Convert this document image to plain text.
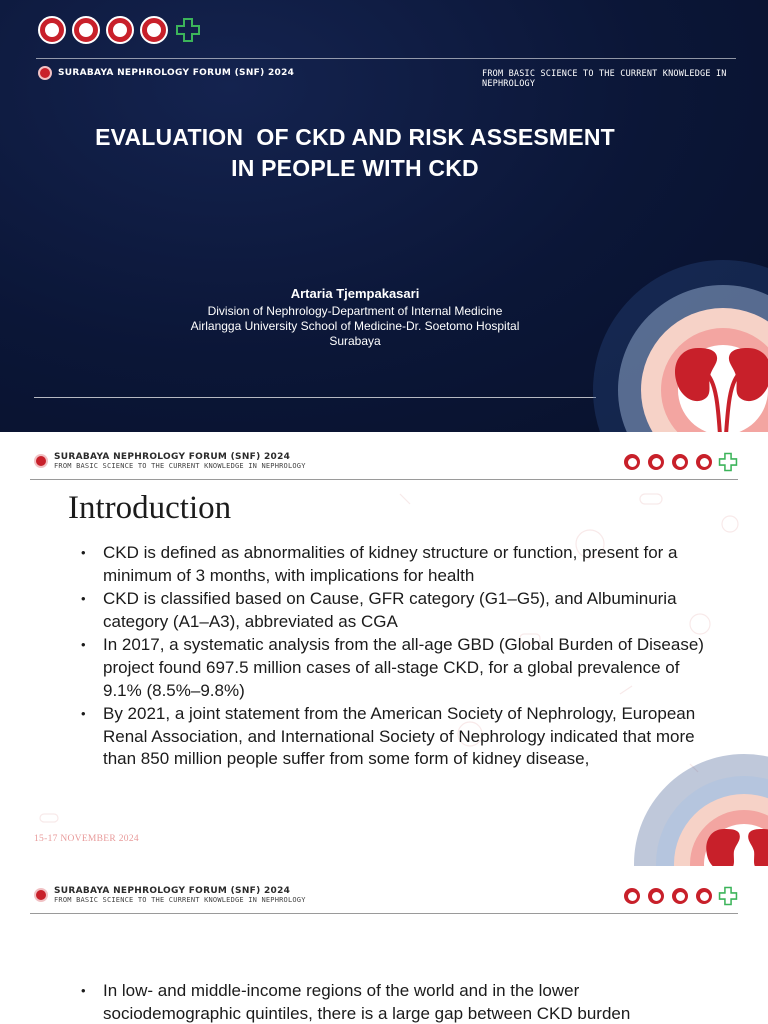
SURABAYA NEPHROLOGY FORUM (SNF) 2024	FROM BASIC SCIENCE TO THE CURRENT KNOWLEDGE IN NEPHROLOGY
EVALUATION  OF CKD AND RISK ASSESMENT
IN PEOPLE WITH CKD
Artaria Tjempakasari
Division of Nephrology-Department of Internal Medicine
Airlangga University School of Medicine-Dr. Soetomo Hospital
Surabaya
SURABAYA NEPHROLOGY FORUM (SNF) 2024
FROM BASIC SCIENCE TO THE CURRENT KNOWLEDGE IN NEPHROLOGY
Introduction
• CKD is defined as abnormalities of kidney structure or function, present for a minimum of 3 months, with implications for health
• CKD is classified based on Cause, GFR category (G1–G5), and Albuminuria category (A1–A3), abbreviated as CGA
• In 2017, a systematic analysis from the all-age GBD (Global Burden of Disease) project found 697.5 million cases of all-stage CKD, for a global prevalence of 9.1% (8.5%–9.8%)
• By 2021, a joint statement from the American Society of Nephrology, European Renal Association, and International Society of Nephrology indicated that more than 850 million people suffer from some form of kidney disease,
15-17 NOVEMBER 2024
SURABAYA NEPHROLOGY FORUM (SNF) 2024
FROM BASIC SCIENCE TO THE CURRENT KNOWLEDGE IN NEPHROLOGY
• In low- and middle-income regions of the world and in the lower sociodemographic quintiles, there is a large gap between CKD burden
